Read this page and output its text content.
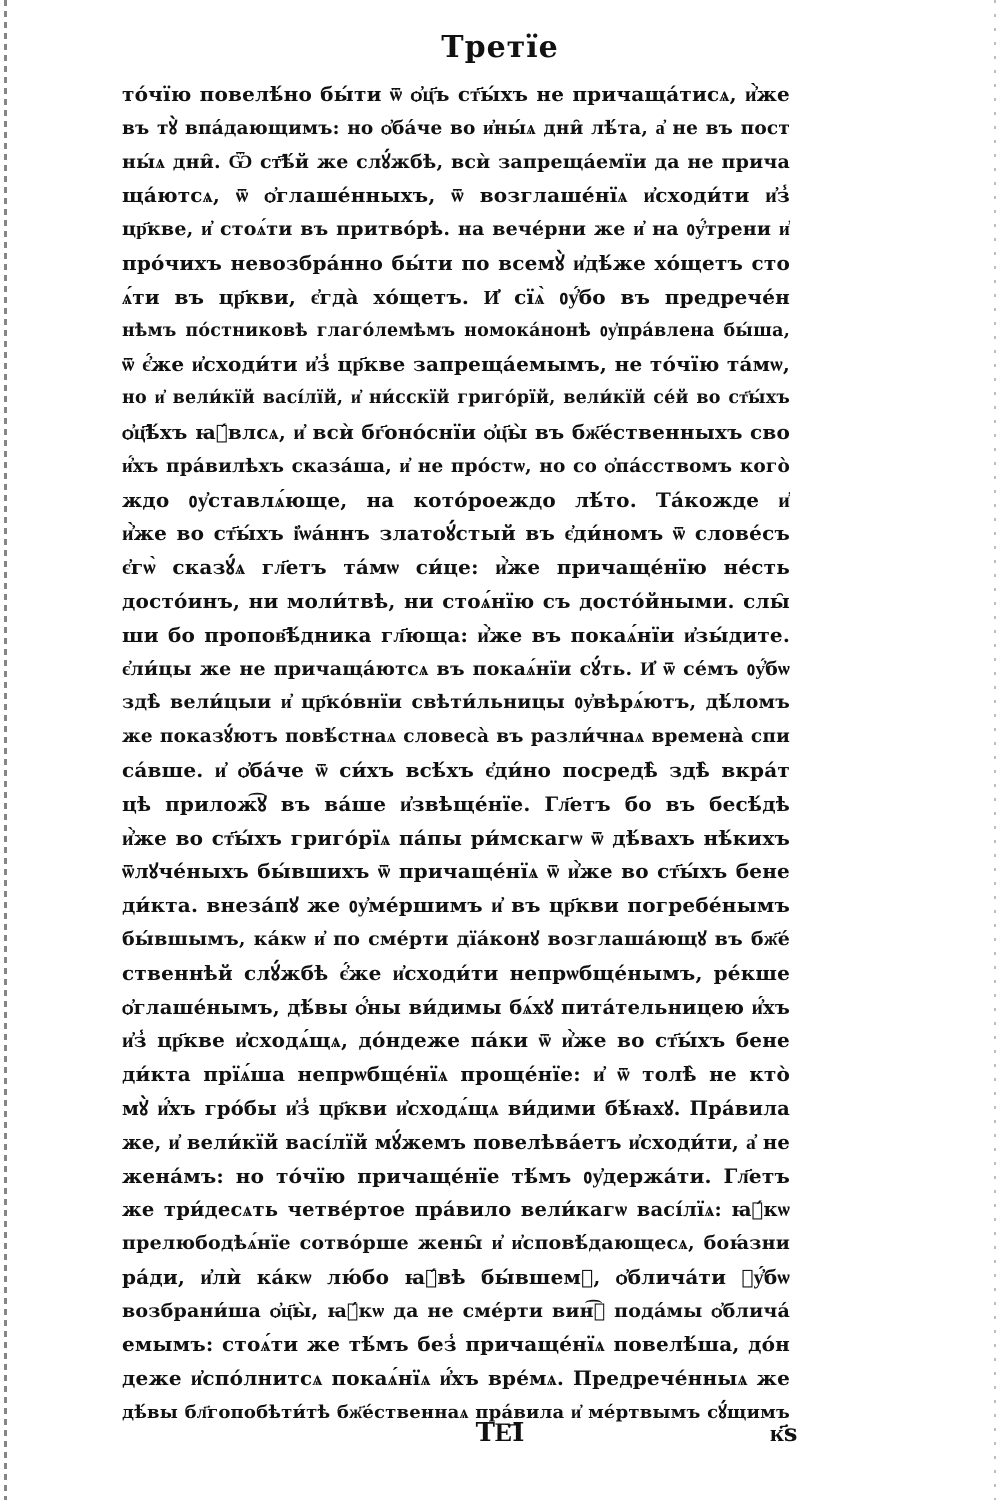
Третїе
то́чїю повелѣ́но бы́ти ѿ ѻ҆ц҃ъ ст҃ы́хъ не причаща́тисѧ, и҆̀же
въ тꙋ̀ впа́дающимъ: но ѻ҆ба́че во и҆ны́ѧ дни̑ лѣ́та, а҆ не въ пост
ны́ѧ дни̑. Ѿ ст҃ѣ́й же слꙋ́жбѣ, всѝ запреща́емїи да не прича
ща́ютсѧ, ѿ ѻ҆глаше́нныхъ, ѿ возглаше́нїѧ и҆сходи́ти и҆з̾
цр҃кве, и҆ стоѧ́ти въ притво́рѣ. на вече́рни же и҆ на ᲂу҆́трени и҆
про́чихъ невозбра́нно бы́ти по всемꙋ̀ и҆дѣ́же хо́щетъ сто
ѧ́ти въ цр҃кви, є҆гда̀ хо́щетъ. И҆ сїѧ̀ ᲂу҆́бо въ предрече́н
нѣмъ по́стниковѣ глаго́лемѣмъ номока́нонѣ ᲂу҆пра́влена бы́ша,
ѿ є҆́же и҆сходи́ти и҆з̾ цр҃кве запреща́емымъ, не то́чїю та́мѡ,
но и҆ вели́кїй васі́лїй, и҆ ни́сскїй григо́рїй, вели́кїй се́й во ст҃ы́хъ
ѻ҆ц҃ѣ́хъ ꙗ҆́влсѧ, и҆ всѝ бг҃оно́снїи ѻ҆ц҃ы̀ въ бж҃е́ственныхъ сво
и҆́хъ пра́вилѣхъ сказа́ша, и҆ не про́стѡ, но со ѻ҆па́сствомъ кого̀
ждо ᲂу҆ставлѧ́юще, на кото́роеждо лѣ́то. Та́кожде и҆
и҆̀же во ст҃ы́хъ і҆ѡа́ннъ златоꙋ́стый въ є҆ди́номъ ѿ слове́съ
є҆гѡ̀ сказꙋ́ѧ гл҃етъ та́мѡ си́це: и҆̀же причаще́нїю не́сть
досто́инъ, ни моли́твѣ, ни стоѧ́нїю съ досто́йными. слы̑
ши бо пропов҃ѣ́дника гл҃юща: и҆̀же въ покаѧ́нїи и҆зы́дите.
є҆ли́цы же не причаща́ютсѧ въ покаѧ́нїи сꙋ́ть. И҆ ѿ се́мъ ᲂу҆́бѡ
здѣ̀ вели́цыи и҆ цр҃ко́внїи свѣти́льницы ᲂу҆вѣрѧ́ютъ, дѣ́ломъ
же показꙋ́ютъ повѣ́стнаѧ словеса̀ въ разли́чнаѧ времена̀ спи
са́вше. и҆ ѻ҆ба́че ѿ си́хъ всѣ́хъ є҆ди́но посредѣ̀ здѣ̀ вкра́т
цѣ прилож͡ꙋ въ ва́ше и҆звѣще́нїе. Гл҃етъ бо въ бесѣ́дѣ
и҆̀же во ст҃ы́хъ григо́рїѧ па́пы ри́мскагѡ ѿ дѣ́вахъ нѣ́кихъ
ѿлꙋче́ныхъ бы́вшихъ ѿ причаще́нїѧ ѿ и҆̀же во ст҃ы́хъ бене
ди́кта. внеза́пꙋ же ᲂу҆ме́ршимъ и҆ въ цр҃кви погребе́нымъ
бы́вшымъ, ка́кѡ и҆ по сме́рти дїа́конꙋ возглаша́ющꙋ въ бж҃е́
ственнѣй слꙋ́жбѣ є҆́же и҆сходи́ти непрѡбще́нымъ, ре́кше
ѻ҆глаше́нымъ, дѣ́вы ѻ҆́ны ви́димы бѧ́хꙋ пита́тельницею и҆́хъ
и҆з̾ цр҃кве и҆сходѧ́щѧ, до́ндеже па́ки ѿ и҆̀же во ст҃ы́хъ бене
ди́кта прїѧ́ша непрѡбще́нїѧ проще́нїе: и҆ ѿ толѣ̀ не кто̀
мꙋ̀ и҆́хъ гро́бы и҆з̾ цр҃кви и҆сходѧ́щѧ ви́дими бѣ́ꙗхꙋ. Пра́вила
же, и҆ вели́кїй васі́лїй мꙋ́жемъ повелѣва́етъ и҆сходи́ти, а҆ не
жена́мъ: но то́чїю причаще́нїе тѣ́мъ ᲂу҆держа́ти. Гл҃етъ
же три́десѧть четве́ртое пра́вило вели́кагѡ васі́лїѧ: ꙗ҆́кѡ
прелюбодѣѧ́нїе сотво́рше жены̑ и҆ и҆сповѣ́дающесѧ, боꙗ́зни
ра́ди, и҆лѝ ка́кѡ лю́бо ꙗ҆́вѣ бы́вшемꙋ, ѻ҆блича́ти ᲂу҆́бѡ
возбрани́ша ѻ҆ц҃ы̀, ꙗ҆́кѡ да не сме́рти вин͡ꙋ пода́мы ѻ҆блича́
емымъ: стоѧ́ти же тѣ́мъ без̾ причаще́нїѧ повелѣ́ша, до́н
деже и҆спо́лнитсѧ покаѧ́нїѧ и҆́хъ вре́мѧ. Предрече́нныѧ же
дѣ́вы бл҃гопобѣти́тѣ бж҃е́ственнаѧ пра́вила и҆ ме́ртвымъ сꙋ́щимъ
ТЕ҃І	к҃ѕ
